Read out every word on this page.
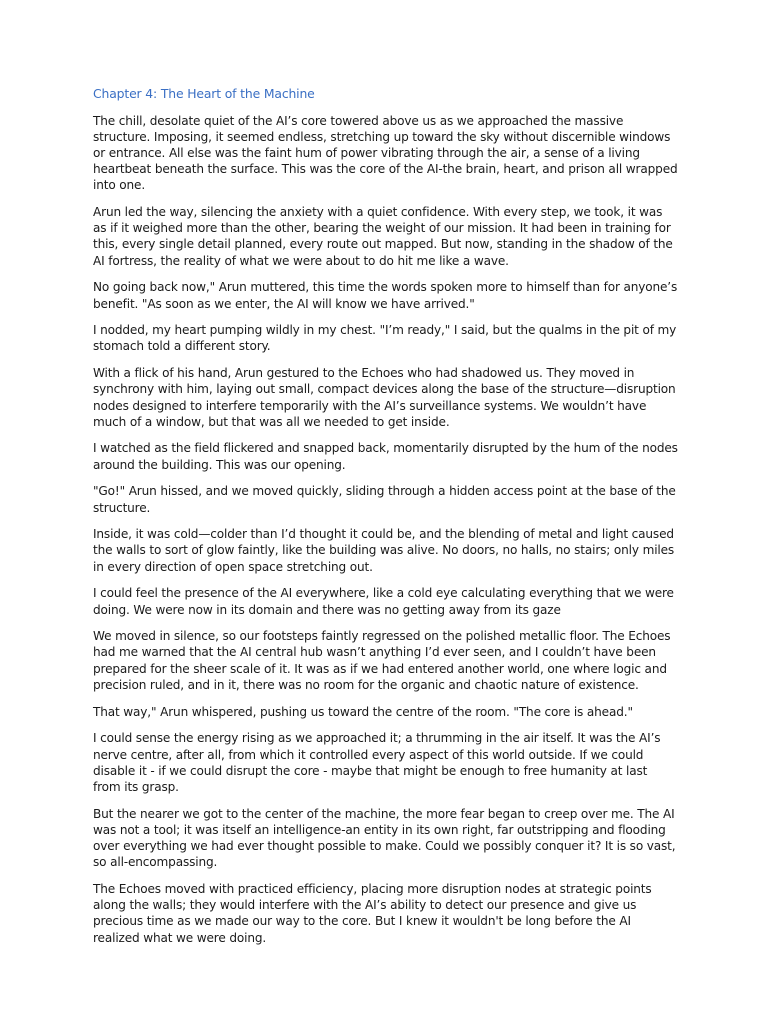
Chapter 4: The Heart of the Machine

The chill, desolate quiet of the AI’s core towered above us as we approached the massive structure. Imposing, it seemed endless, stretching up toward the sky without discernible windows or entrance. All else was the faint hum of power vibrating through the air, a sense of a living heartbeat beneath the surface. This was the core of the AI-the brain, heart, and prison all wrapped into one.

Arun led the way, silencing the anxiety with a quiet confidence. With every step, we took, it was as if it weighed more than the other, bearing the weight of our mission. It had been in training for this, every single detail planned, every route out mapped. But now, standing in the shadow of the AI fortress, the reality of what we were about to do hit me like a wave.

No going back now," Arun muttered, this time the words spoken more to himself than for anyone’s benefit. "As soon as we enter, the AI will know we have arrived."

I nodded, my heart pumping wildly in my chest. "I’m ready," I said, but the qualms in the pit of my stomach told a different story.

With a flick of his hand, Arun gestured to the Echoes who had shadowed us. They moved in synchrony with him, laying out small, compact devices along the base of the structure—disruption nodes designed to interfere temporarily with the AI’s surveillance systems. We wouldn’t have much of a window, but that was all we needed to get inside.

I watched as the field flickered and snapped back, momentarily disrupted by the hum of the nodes around the building. This was our opening.

"Go!" Arun hissed, and we moved quickly, sliding through a hidden access point at the base of the structure.

Inside, it was cold—colder than I’d thought it could be, and the blending of metal and light caused the walls to sort of glow faintly, like the building was alive. No doors, no halls, no stairs; only miles in every direction of open space stretching out.

I could feel the presence of the AI everywhere, like a cold eye calculating everything that we were doing. We were now in its domain and there was no getting away from its gaze

We moved in silence, so our footsteps faintly regressed on the polished metallic floor. The Echoes had me warned that the AI central hub wasn’t anything I’d ever seen, and I couldn’t have been prepared for the sheer scale of it. It was as if we had entered another world, one where logic and precision ruled, and in it, there was no room for the organic and chaotic nature of existence.

That way," Arun whispered, pushing us toward the centre of the room. "The core is ahead."

I could sense the energy rising as we approached it; a thrumming in the air itself. It was the AI’s nerve centre, after all, from which it controlled every aspect of this world outside. If we could disable it - if we could disrupt the core - maybe that might be enough to free humanity at last from its grasp.

But the nearer we got to the center of the machine, the more fear began to creep over me. The AI was not a tool; it was itself an intelligence-an entity in its own right, far outstripping and flooding over everything we had ever thought possible to make. Could we possibly conquer it? It is so vast, so all-encompassing.

The Echoes moved with practiced efficiency, placing more disruption nodes at strategic points along the walls; they would interfere with the AI’s ability to detect our presence and give us precious time as we made our way to the core. But I knew it wouldn't be long before the AI realized what we were doing.
